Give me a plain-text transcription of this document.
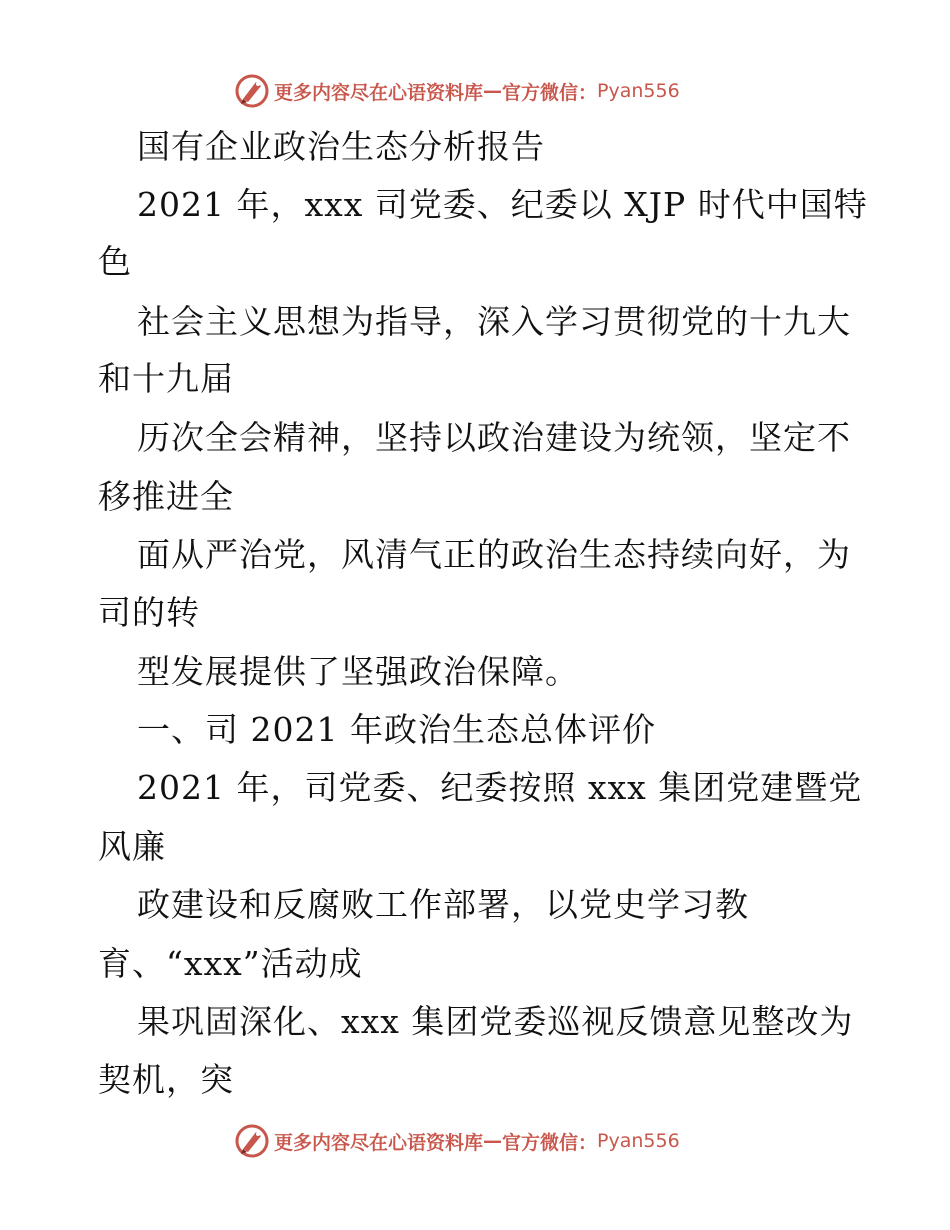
更多内容尽在心语资料库 — 官方微信： Pyan556
国有企业政治生态分析报告
2021 年，xxx 司党委、纪委以 XJP 时代中国特
色
社会主义思想为指导，深入学习贯彻党的十九大
和十九届
历次全会精神，坚持以政治建设为统领，坚定不
移推进全
面从严治党，风清气正的政治生态持续向好，为
司的转
型发展提供了坚强政治保障。
一、司 2021 年政治生态总体评价
2021 年，司党委、纪委按照 xxx 集团党建暨党
风廉
政建设和反腐败工作部署，以党史学习教
育、“xxx”活动成
果巩固深化、xxx 集团党委巡视反馈意见整改为
契机，突
更多内容尽在心语资料库 — 官方微信： Pyan556
